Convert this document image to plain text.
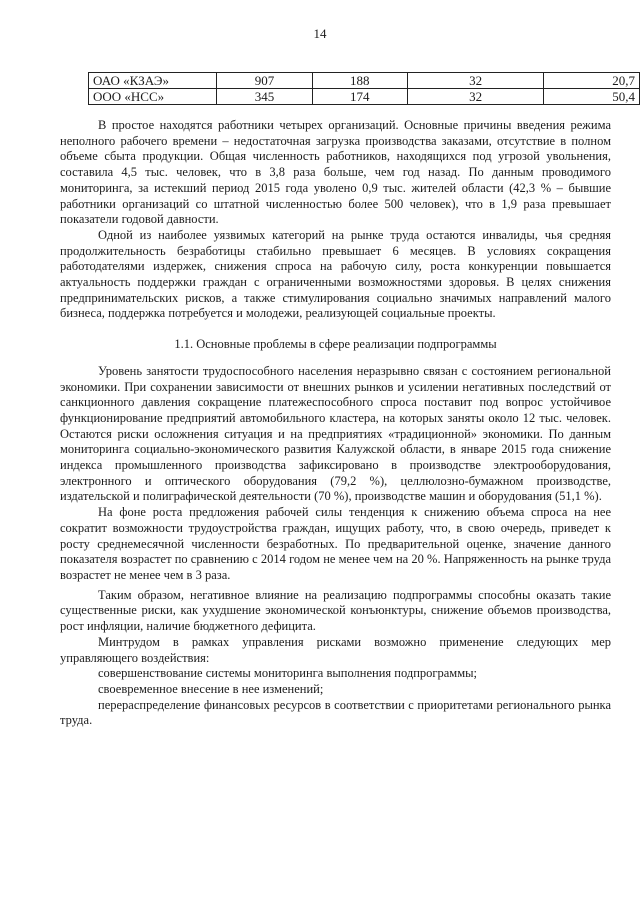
14
ОАО «КЗАЭ»	907	188	32	20,7
ООО «НСС»	345	174	32	50,4

В простое находятся работники четырех организаций. Основные причины введения режима неполного рабочего времени – недостаточная загрузка производства заказами, отсутствие в полном объеме сбыта продукции. Общая численность работников, находящихся под угрозой увольнения, составила 4,5 тыс. человек, что в 3,8 раза больше, чем год назад. По данным проводимого мониторинга, за истекший период 2015 года уволено 0,9 тыс. жителей области (42,3 % – бывшие работники организаций со штатной численностью более 500 человек), что в 1,9 раза превышает показатели годовой давности.

Одной из наиболее уязвимых категорий на рынке труда остаются инвалиды, чья средняя продолжительность безработицы стабильно превышает 6 месяцев. В условиях сокращения работодателями издержек, снижения спроса на рабочую силу, роста конкуренции повышается актуальность поддержки граждан с ограниченными возможностями здоровья. В целях снижения предпринимательских рисков, а также стимулирования социально значимых направлений малого бизнеса, поддержка потребуется и молодежи, реализующей социальные проекты.

1.1. Основные проблемы в сфере реализации подпрограммы

Уровень занятости трудоспособного населения неразрывно связан с состоянием региональной экономики. При сохранении зависимости от внешних рынков и усилении негативных последствий от санкционного давления сокращение платежеспособного спроса поставит под вопрос устойчивое функционирование предприятий автомобильного кластера, на которых заняты около 12 тыс. человек. Остаются риски осложнения ситуация и на предприятиях «традиционной» экономики. По данным мониторинга социально-экономического развития Калужской области, в январе 2015 года снижение индекса промышленного производства зафиксировано в производстве электрооборудования, электронного и оптического оборудования (79,2 %), целлюлозно-бумажном производстве, издательской и полиграфической деятельности (70 %), производстве машин и оборудования (51,1 %).

На фоне роста предложения рабочей силы тенденция к снижению объема спроса на нее сократит возможности трудоустройства граждан, ищущих работу, что, в свою очередь, приведет к росту среднемесячной численности безработных. По предварительной оценке, значение данного показателя возрастет по сравнению с 2014 годом не менее чем на 20 %. Напряженность на рынке труда возрастет не менее чем в 3 раза.

Таким образом, негативное влияние на реализацию подпрограммы способны оказать такие существенные риски, как ухудшение экономической конъюнктуры, снижение объемов производства, рост инфляции, наличие бюджетного дефицита.

Минтрудом в рамках управления рисками возможно применение следующих мер управляющего воздействия:

совершенствование системы мониторинга выполнения подпрограммы;

своевременное внесение в нее изменений;

перераспределение финансовых ресурсов в соответствии с приоритетами регионального рынка труда.
